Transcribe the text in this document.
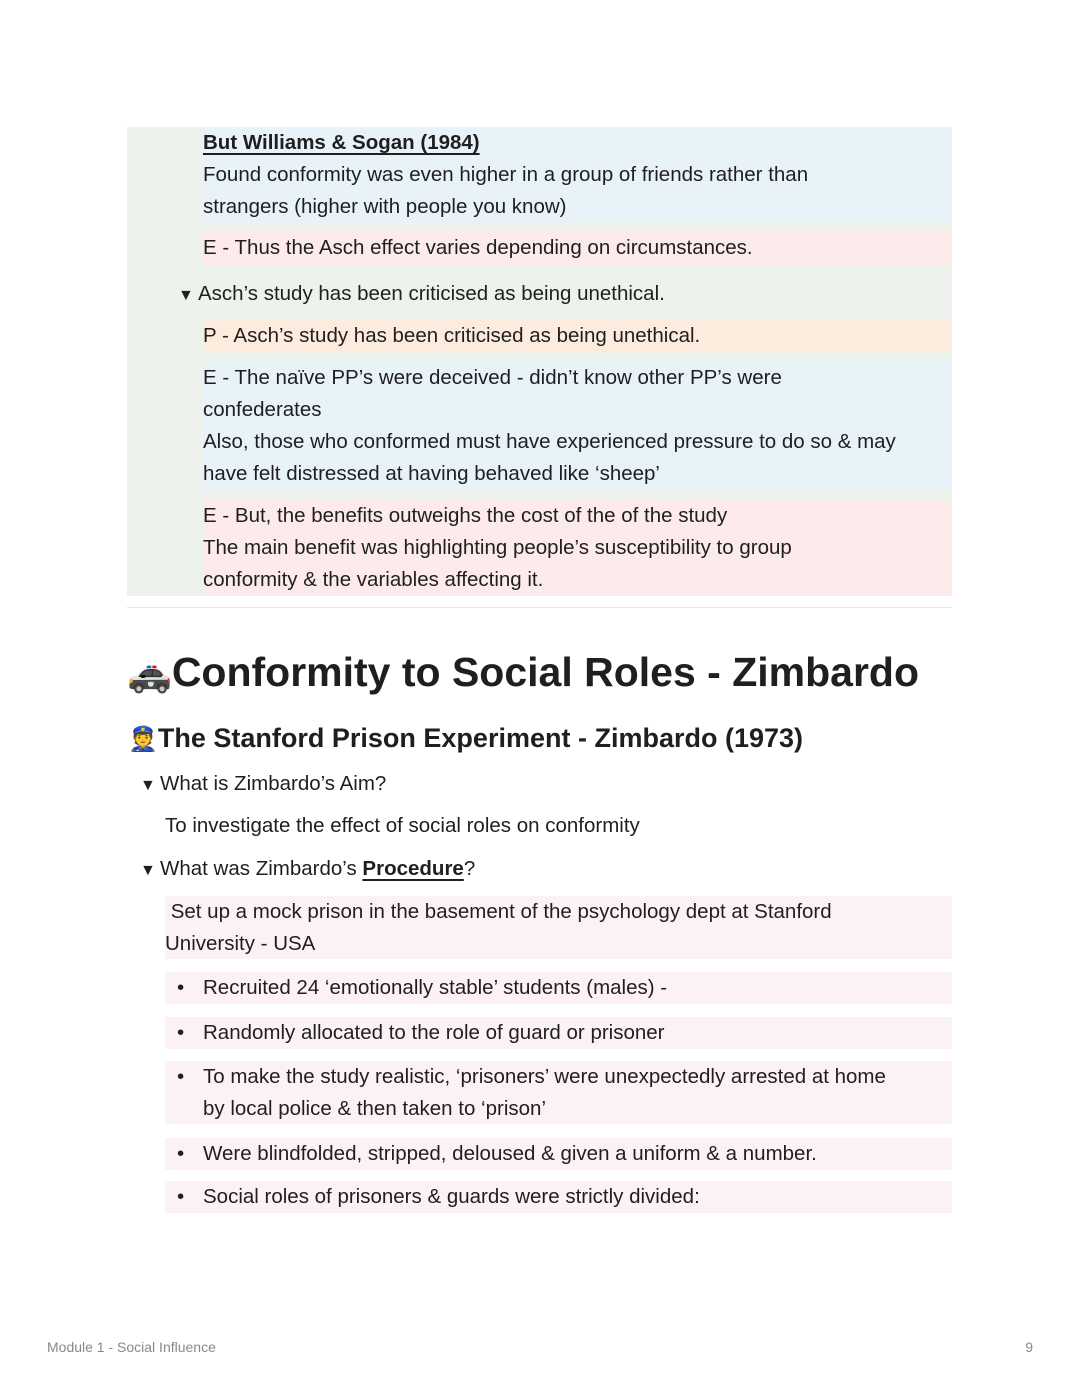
But Williams & Sogan (1984)
Found conformity was even higher in a group of friends rather than strangers (higher with people you know)
E - Thus the Asch effect varies depending on circumstances.
▼ Asch’s study has been criticised as being unethical.
P - Asch’s study has been criticised as being unethical.
E - The naïve PP’s were deceived - didn’t know other PP’s were confederates
Also, those who conformed must have experienced pressure to do so & may have felt distressed at having behaved like ‘sheep’
E - But, the benefits outweighs the cost of the of the study
The main benefit was highlighting people’s susceptibility to group conformity & the variables affecting it.
🚓Conformity to Social Roles - Zimbardo
👮The Stanford Prison Experiment - Zimbardo (1973)
▼ What is Zimbardo’s Aim?
To investigate the effect of social roles on conformity
▼ What was Zimbardo’s Procedure?
Set up a mock prison in the basement of the psychology dept at Stanford University - USA
• Recruited 24 ‘emotionally stable’ students (males) -
• Randomly allocated to the role of guard or prisoner
• To make the study realistic, ‘prisoners’ were unexpectedly arrested at home by local police & then taken to ‘prison’
• Were blindfolded, stripped, deloused & given a uniform & a number.
• Social roles of prisoners & guards were strictly divided:
Module 1 - Social Influence	9
